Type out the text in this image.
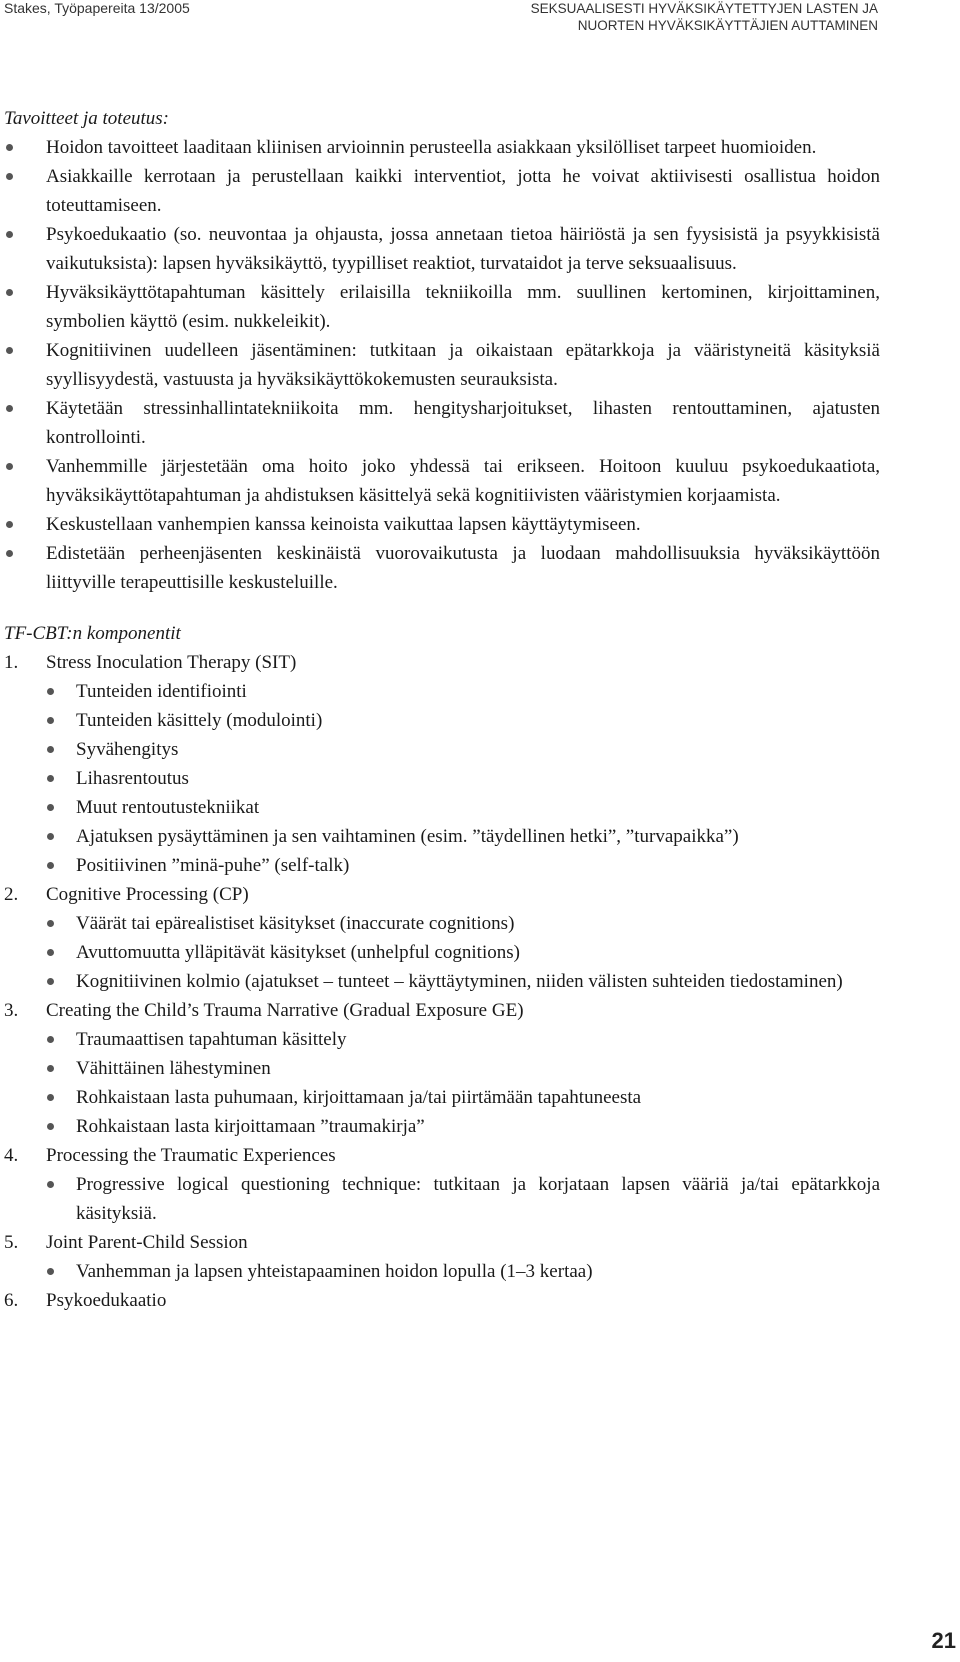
Stakes, Työpapereita 13/2005	SEKSUAALISESTI HYVÄKSIKÄYTETTYJEN LASTEN JA
NUORTEN HYVÄKSIKÄYTTÄJIEN AUTTAMINEN

Tavoitteet ja toteutus:

Hoidon tavoitteet laaditaan kliinisen arvioinnin perusteella asiakkaan yksilölliset tarpeet huomioiden.
Asiakkaille kerrotaan ja perustellaan kaikki interventiot, jotta he voivat aktiivisesti osallistua hoidon toteuttamiseen.
Psykoedukaatio (so. neuvontaa ja ohjausta, jossa annetaan tietoa häiriöstä ja sen fyysisistä ja psyykkisistä vaikutuksista): lapsen hyväksikäyttö, tyypilliset reaktiot, turvataidot ja terve seksuaalisuus.
Hyväksikäyttötapahtuman käsittely erilaisilla tekniikoilla mm. suullinen kertominen, kirjoittaminen, symbolien käyttö (esim. nukkeleikit).
Kognitiivinen uudelleen jäsentäminen: tutkitaan ja oikaistaan epätarkkoja ja vääristyneitä käsityksiä syyllisyydestä, vastuusta ja hyväksikäyttökokemusten seurauksista.
Käytetään stressinhallintatekniikoita mm. hengitysharjoitukset, lihasten rentouttaminen, ajatusten kontrollointi.
Vanhemmille järjestetään oma hoito joko yhdessä tai erikseen. Hoitoon kuuluu psykoedukaatiota, hyväksikäyttötapahtuman ja ahdistuksen käsittelyä sekä kognitiivisten vääristymien korjaamista.
Keskustellaan vanhempien kanssa keinoista vaikuttaa lapsen käyttäytymiseen.
Edistetään perheenjäsenten keskinäistä vuorovaikutusta ja luodaan mahdollisuuksia hyväksikäyttöön liittyville terapeuttisille keskusteluille.

TF-CBT:n komponentit

1. Stress Inoculation Therapy (SIT)
Tunteiden identifiointi
Tunteiden käsittely (modulointi)
Syvähengitys
Lihasrentoutus
Muut rentoutustekniikat
Ajatuksen pysäyttäminen ja sen vaihtaminen (esim. ”täydellinen hetki”, ”turvapaikka”)
Positiivinen ”minä-puhe” (self-talk)
2. Cognitive Processing (CP)
Väärät tai epärealistiset käsitykset (inaccurate cognitions)
Avuttomuutta ylläpitävät käsitykset (unhelpful cognitions)
Kognitiivinen kolmio (ajatukset – tunteet – käyttäytyminen, niiden välisten suhteiden tiedostaminen)
3. Creating the Child’s Trauma Narrative (Gradual Exposure GE)
Traumaattisen tapahtuman käsittely
Vähittäinen lähestyminen
Rohkaistaan lasta puhumaan, kirjoittamaan ja/tai piirtämään tapahtuneesta
Rohkaistaan lasta kirjoittamaan ”traumakirja”
4. Processing the Traumatic Experiences
Progressive logical questioning technique: tutkitaan ja korjataan lapsen vääriä ja/tai epätarkkoja käsityksiä.
5. Joint Parent-Child Session
Vanhemman ja lapsen yhteistapaaminen hoidon lopulla (1–3 kertaa)
6. Psykoedukaatio
21
